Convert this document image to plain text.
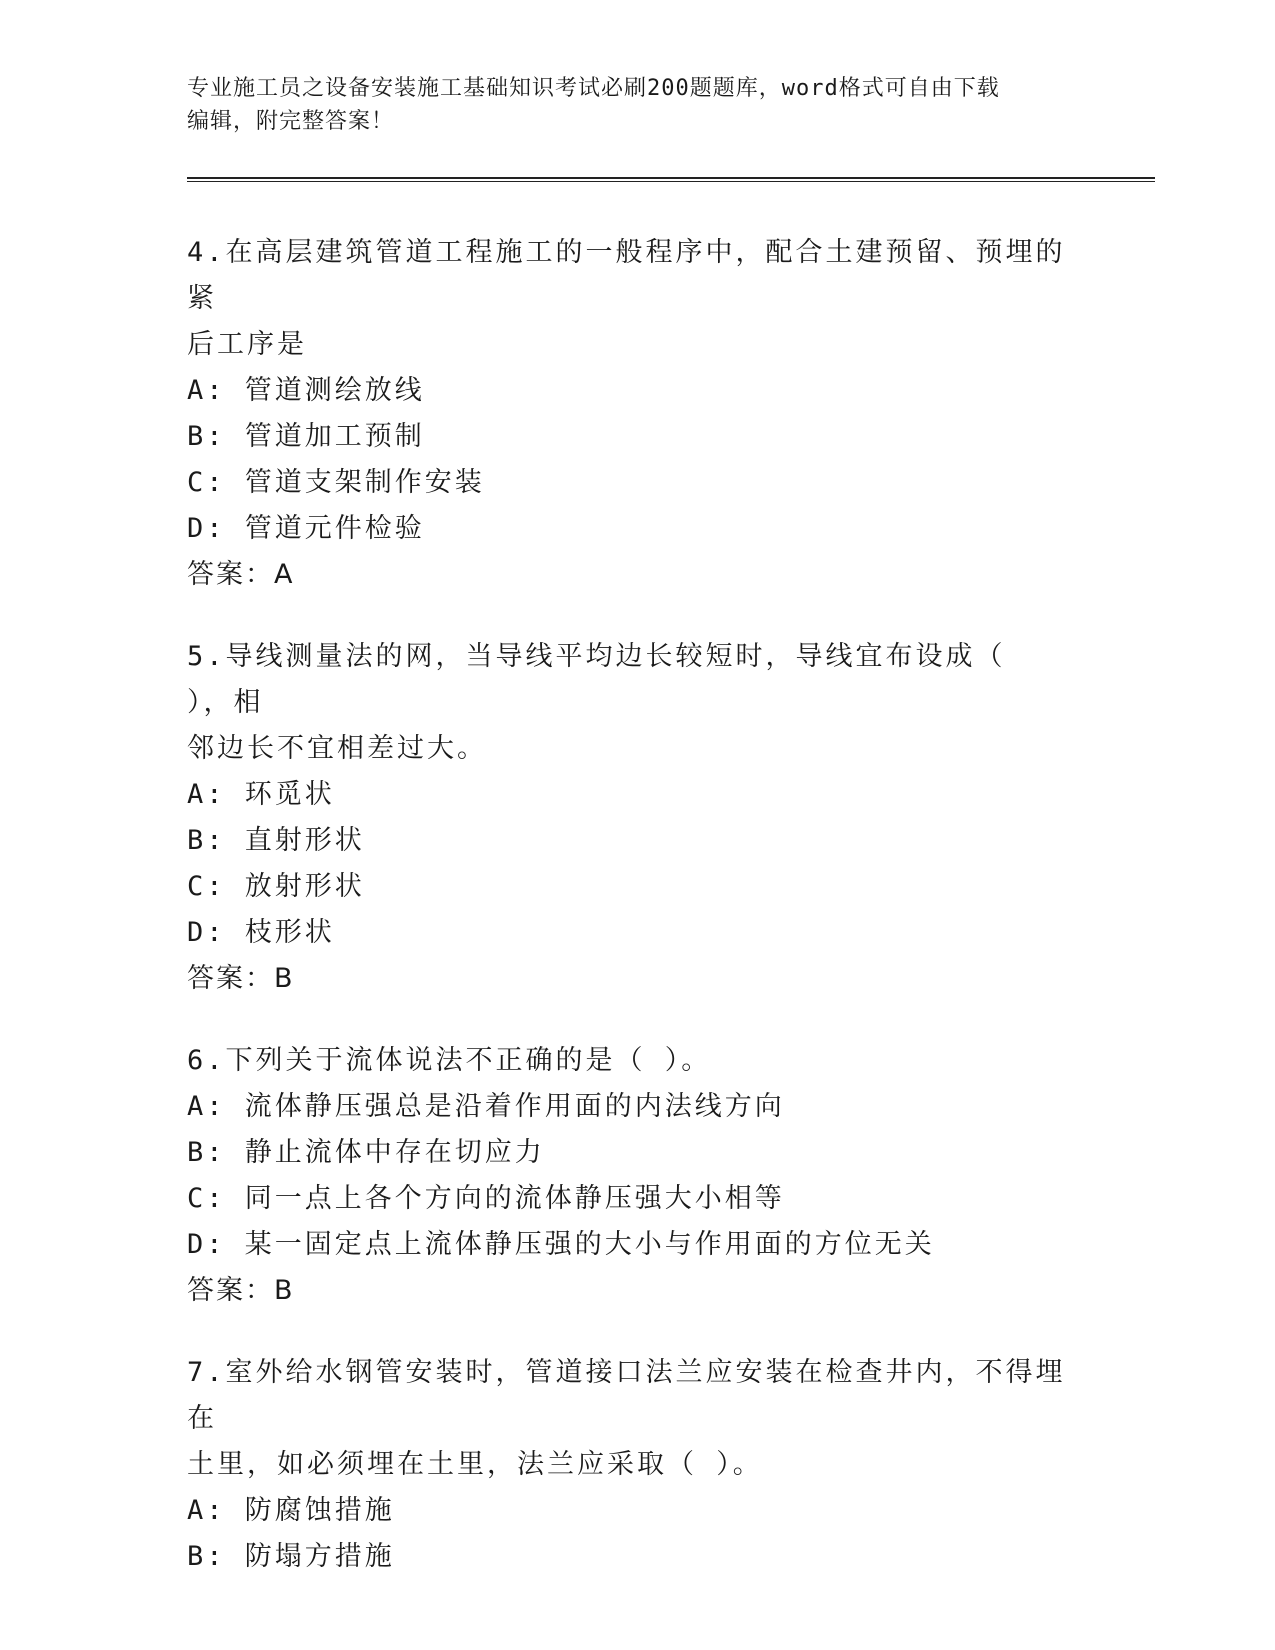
专业施工员之设备安装施工基础知识考试必刷200题题库，word格式可自由下载
编辑，附完整答案！
4.在高层建筑管道工程施工的一般程序中，配合土建预留、预埋的紧
后工序是
A: 管道测绘放线
B: 管道加工预制
C: 管道支架制作安装
D: 管道元件检验
答案：A
5.导线测量法的网，当导线平均边长较短时，导线宜布设成（ ），相
邻边长不宜相差过大。
A: 环觅状
B: 直射形状
C: 放射形状
D: 枝形状
答案：B
6.下列关于流体说法不正确的是（ ）。
A: 流体静压强总是沿着作用面的内法线方向
B: 静止流体中存在切应力
C: 同一点上各个方向的流体静压强大小相等
D: 某一固定点上流体静压强的大小与作用面的方位无关
答案：B
7.室外给水钢管安装时，管道接口法兰应安装在检查井内，不得埋在
土里，如必须埋在土里，法兰应采取（ ）。
A: 防腐蚀措施
B: 防塌方措施
